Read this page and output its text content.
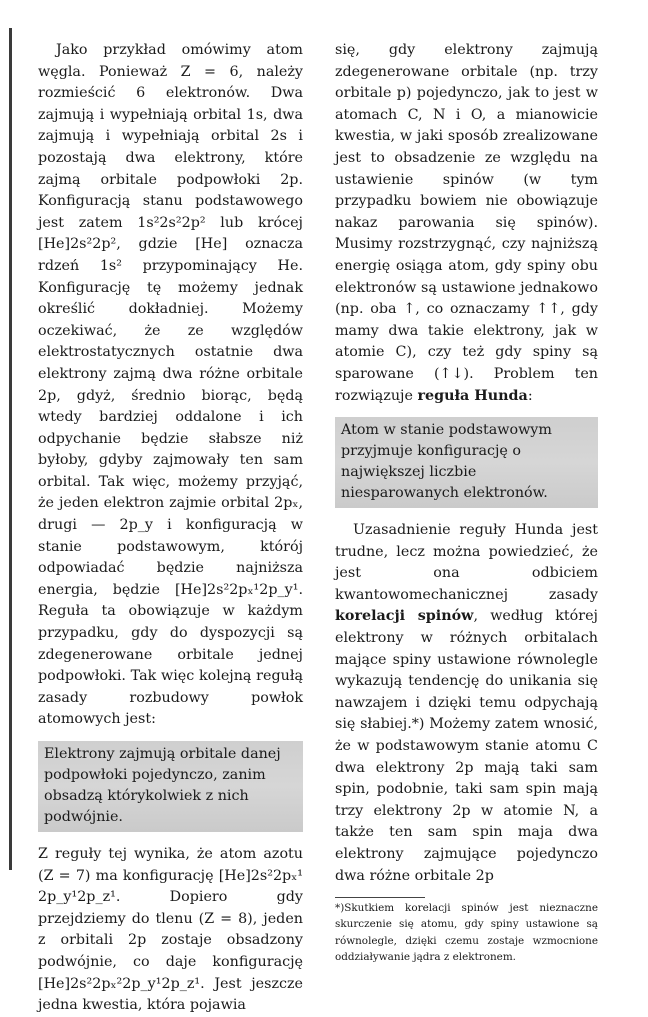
Jako przykład omówimy atom węgla. Ponieważ Z = 6, należy rozmieścić 6 elektronów. Dwa zajmują i wypełniają orbital 1s, dwa zajmują i wypełniają orbital 2s i pozostają dwa elektrony, które zajmą orbitale podpowłoki 2p. Konfiguracją stanu podstawowego jest zatem 1s²2s²2p² lub krócej [He]2s²2p², gdzie [He] oznacza rdzeń 1s² przypominający He. Konfigurację tę możemy jednak określić dokładniej. Możemy oczekiwać, że ze względów elektrostatycznych ostatnie dwa elektrony zajmą dwa różne orbitale 2p, gdyż, średnio biorąc, będą wtedy bardziej oddalone i ich odpychanie będzie słabsze niż byłoby, gdyby zajmowały ten sam orbital. Tak więc, możemy przyjąć, że jeden elektron zajmie orbital 2pₓ, drugi — 2p_y i konfiguracją w stanie podstawowym, którój odpowiadać będzie najniższa energia, będzie [He]2s²2pₓ¹2p_y¹. Reguła ta obowiązuje w każdym przypadku, gdy do dyspozycji są zdegenerowane orbitale jednej podpowłoki. Tak więc kolejną regułą zasady rozbudowy powłok atomowych jest:

Elektrony zajmują orbitale danej podpowłoki pojedynczo, zanim obsadzą którykolwiek z nich podwójnie.

Z reguły tej wynika, że atom azotu (Z = 7) ma konfigurację [He]2s²2pₓ¹ 2p_y¹2p_z¹. Dopiero gdy przejdziemy do tlenu (Z = 8), jeden z orbitali 2p zostaje obsadzony podwójnie, co daje konfigurację [He]2s²2pₓ²2p_y¹2p_z¹. Jest jeszcze jedna kwestia, która pojawia

się, gdy elektrony zajmują zdegenerowane orbitale (np. trzy orbitale p) pojedynczo, jak to jest w atomach C, N i O, a mianowicie kwestia, w jaki sposób zrealizowane jest to obsadzenie ze względu na ustawienie spinów (w tym przypadku bowiem nie obowiązuje nakaz parowania się spinów). Musimy rozstrzygnąć, czy najniższą energię osiąga atom, gdy spiny obu elektronów są ustawione jednakowo (np. oba ↑, co oznaczamy ↑↑, gdy mamy dwa takie elektrony, jak w atomie C), czy też gdy spiny są sparowane (↑↓). Problem ten rozwiązuje reguła Hunda:

Atom w stanie podstawowym przyjmuje konfigurację o największej liczbie niesparowanych elektronów.

Uzasadnienie reguły Hunda jest trudne, lecz można powiedzieć, że jest ona odbiciem kwantowomechanicznej zasady korelacji spinów, według której elektrony w różnych orbitalach mające spiny ustawione równolegle wykazują tendencję do unikania się nawzajem i dzięki temu odpychają się słabiej.*) Możemy zatem wnosić, że w podstawowym stanie atomu C dwa elektrony 2p mają taki sam spin, podobnie, taki sam spin mają trzy elektrony 2p w atomie N, a także ten sam spin maja dwa elektrony zajmujące pojedynczo dwa różne orbitale 2p

*)Skutkiem korelacji spinów jest nieznaczne skurczenie się atomu, gdy spiny ustawione są równolegle, dzięki czemu zostaje wzmocnione oddziaływanie jądra z elektronem.
